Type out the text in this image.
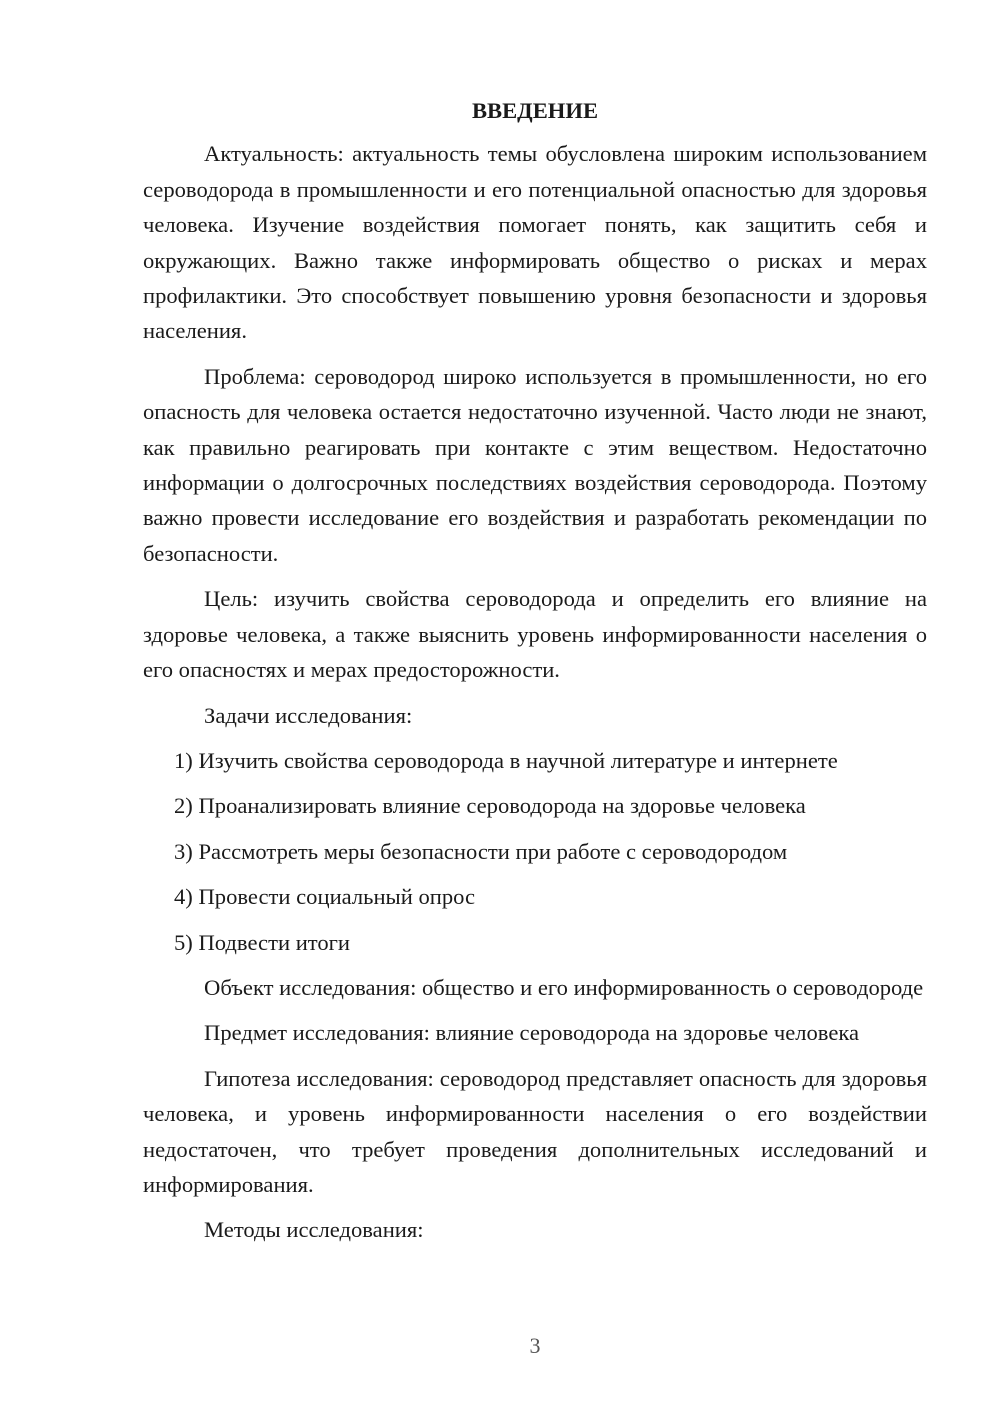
ВВЕДЕНИЕ

Актуальность: актуальность темы обусловлена широким использованием сероводорода в промышленности и его потенциальной опасностью для здоровья человека. Изучение воздействия помогает понять, как защитить себя и окружающих. Важно также информировать общество о рисках и мерах профилактики. Это способствует повышению уровня безопасности и здоровья населения.

Проблема: сероводород широко используется в промышленности, но его опасность для человека остается недостаточно изученной. Часто люди не знают, как правильно реагировать при контакте с этим веществом. Недостаточно информации о долгосрочных последствиях воздействия сероводорода. Поэтому важно провести исследование его воздействия и разработать рекомендации по безопасности.

Цель: изучить свойства сероводорода и определить его влияние на здоровье человека, а также выяснить уровень информированности населения о его опасностях и мерах предосторожности.

Задачи исследования:

1) Изучить свойства сероводорода в научной литературе и интернете
2) Проанализировать влияние сероводорода на здоровье человека
3) Рассмотреть меры безопасности при работе с сероводородом
4) Провести социальный опрос
5) Подвести итоги

Объект исследования: общество и его информированность о сероводороде

Предмет исследования: влияние сероводорода на здоровье человека

Гипотеза исследования: сероводород представляет опасность для здоровья человека, и уровень информированности населения о его воздействии недостаточен, что требует проведения дополнительных исследований и информирования.

Методы исследования:

3
